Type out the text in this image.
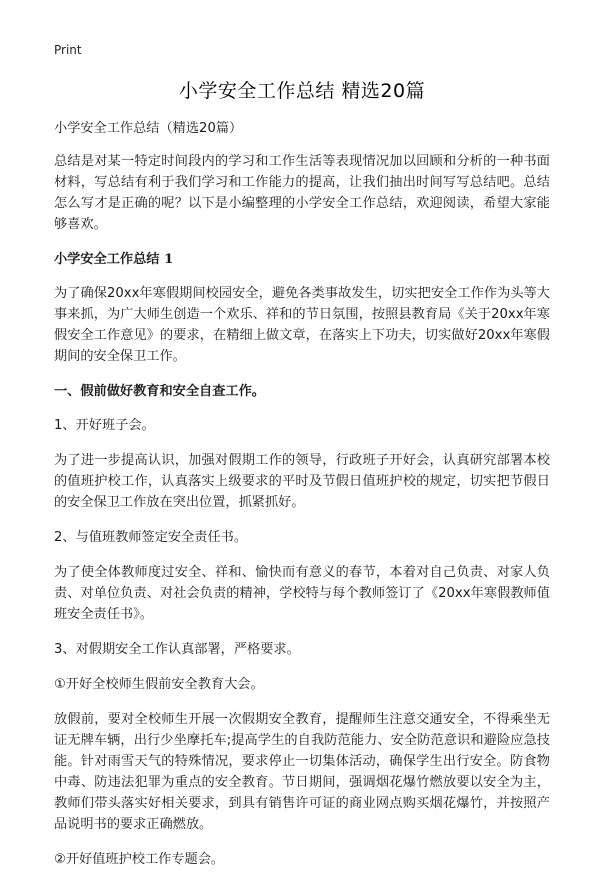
Print
小学安全工作总结 精选20篇

小学安全工作总结（精选20篇）

总结是对某一特定时间段内的学习和工作生活等表现情况加以回顾和分析的一种书面材料，写总结有利于我们学习和工作能力的提高，让我们抽出时间写写总结吧。总结怎么写才是正确的呢？以下是小编整理的小学安全工作总结，欢迎阅读，希望大家能够喜欢。

小学安全工作总结 1

为了确保20xx年寒假期间校园安全，避免各类事故发生，切实把安全工作作为头等大事来抓，为广大师生创造一个欢乐、祥和的节日氛围，按照县教育局《关于20xx年寒假安全工作意见》的要求，在精细上做文章，在落实上下功夫，切实做好20xx年寒假期间的安全保卫工作。

一、假前做好教育和安全自查工作。

1、开好班子会。

为了进一步提高认识，加强对假期工作的领导，行政班子开好会，认真研究部署本校的值班护校工作，认真落实上级要求的平时及节假日值班护校的规定，切实把节假日的安全保卫工作放在突出位置，抓紧抓好。

2、与值班教师签定安全责任书。

为了使全体教师度过安全、祥和、愉快而有意义的春节，本着对自己负责、对家人负责、对单位负责、对社会负责的精神，学校特与每个教师签订了《20xx年寒假教师值班安全责任书》。

3、对假期安全工作认真部署，严格要求。

①开好全校师生假前安全教育大会。

放假前，要对全校师生开展一次假期安全教育，提醒师生注意交通安全，不得乘坐无证无牌车辆，出行少坐摩托车;提高学生的自我防范能力、安全防范意识和避险应急技能。针对雨雪天气的特殊情况，要求停止一切集体活动，确保学生出行安全。防食物中毒、防违法犯罪为重点的安全教育。节日期间，强调烟花爆竹燃放要以安全为主，教师们带头落实好相关要求，到具有销售许可证的商业网点购买烟花爆竹，并按照产品说明书的要求正确燃放。

②开好值班护校工作专题会。
